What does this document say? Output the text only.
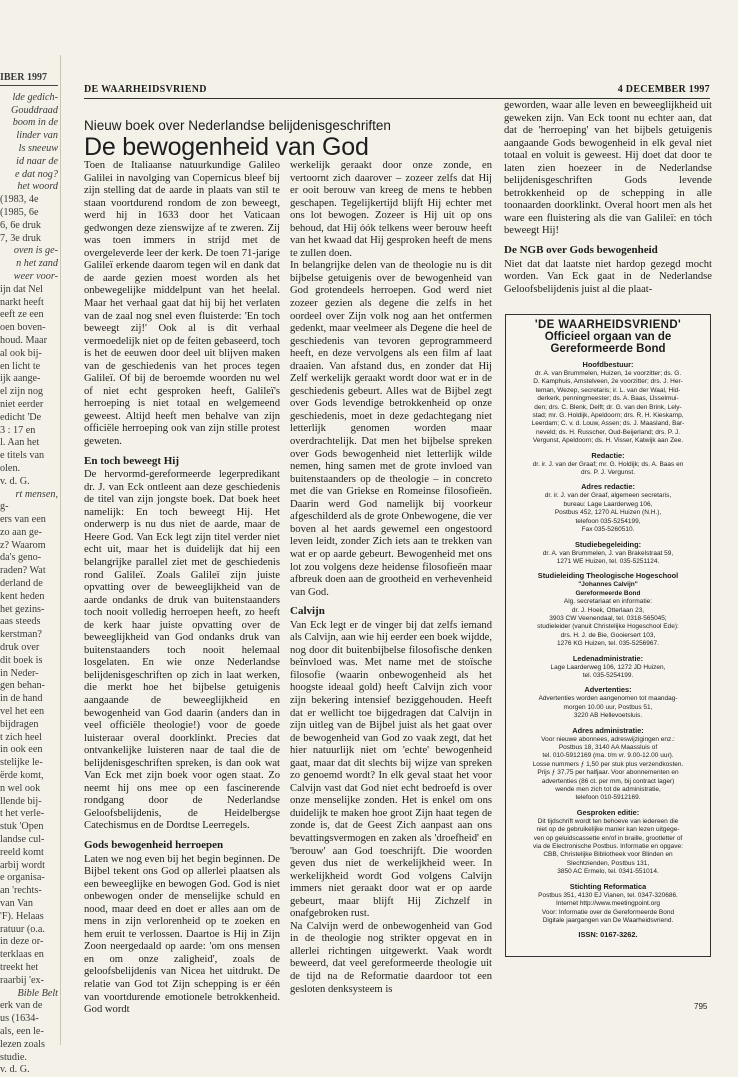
IBER 1997

lde gedich-

Gouddraad

boom in de

linder van

ls sneeuw

id naar de

e dat nog?

het woord

(1983, 4e

(1985, 6e

6, 6e druk

7, 3e druk

oven is ge-

n het zand

weer voor-

ijn dat Nel

narkt heeft

eeft ze een

oen boven-

houd. Maar

al ook bij-

en licht te

ijk aange-

el zijn nog

niet eerder

edicht 'De

3 : 17 en

l. Aan het

e titels van

olen.

v. d. G.

rt mensen,

g-

ers van een

zo aan ge-

z? Waarom

da's geno-

raden? Wat

derland de

kent heden

het gezins-

aas steeds

kerstman?

druk over

dit boek is

in Neder-

gen behan-

in de hand

vel het een

bijdragen

t zich heel

in ook een

stelijke le-

ërde komt,

n wel ook

llende bij-

t het verle-

stuk 'Open

landse cul-

reeld komt

arbij wordt

e organisa-

an 'rechts-

van Van

'F). Helaas

ratuur (o.a.

in deze or-

terklaas en

treekt het

raarbij 'ex-

Bible Belt

erk van de

us (1634-

als, een le-

lezen zoals

studie.

v. d. G.

DE WAARHEIDSVRIEND	4 DECEMBER 1997
Nieuw boek over Nederlandse belijdenisgeschriften
De bewogenheid van God

Toen de Italiaanse natuurkundige Galileo Galilei in navolging van Copernicus bleef bij zijn stelling dat de aarde in plaats van stil te staan voortdurend rondom de zon beweegt, werd hij in 1633 door het Vaticaan gedwongen deze zienswijze af te zweren. Zij was toen immers in strijd met de overgeleverde leer der kerk. De toen 71-jarige Galileï erkende daarom tegen wil en dank dat de aarde gezien moest worden als het onbewegelijke middelpunt van het heelal. Maar het verhaal gaat dat hij bij het verlaten van de zaal nog snel even fluisterde: 'En toch beweegt zij!' Ook al is dit verhaal vermoedelijk niet op de feiten gebaseerd, toch is het de eeuwen door deel uit blijven maken van de geschiedenis van het proces tegen Galileï. Of bij de beroemde woorden nu wel of niet echt gesproken heeft, Galileï's herroeping is niet totaal en welgemeend geweest. Altijd heeft men behalve van zijn officiële herroeping ook van zijn stille protest geweten.

En toch beweegt Hij

De hervormd-gereformeerde legerpredikant dr. J. van Eck ontleent aan deze geschiedenis de titel van zijn jongste boek. Dat boek heet namelijk: En toch beweegt Hij. Het onderwerp is nu dus niet de aarde, maar de Heere God. Van Eck legt zijn titel verder niet echt uit, maar het is duidelijk dat hij een belangrijke parallel ziet met de geschiedenis rond Galileï. Zoals Galileï zijn juiste opvatting over de beweeglijkheid van de aarde ondanks de druk van buitenstaanders toch nooit volledig herroepen heeft, zo heeft de kerk haar juiste opvatting over de beweeglijkheid van God ondanks druk van buitenstaanders toch nooit helemaal losgelaten. En wie onze Nederlandse belijdenisgeschriften op zich in laat werken, die merkt hoe het bijbelse getuigenis aangaande de beweeglijkheid en bewogenheid van God daarin (anders dan in veel officiële theologie!) voor de goede luisteraar overal doorklinkt. Precies dat ontvankelijke luisteren naar de taal die de belijdenisgeschriften spreken, is dan ook wat Van Eck met zijn boek voor ogen staat. Zo neemt hij ons mee op een fascinerende rondgang door de Nederlandse Geloofsbelijdenis, de Heidelbergse Catechismus en de Dordtse Leerregels.

Gods bewogenheid herroepen

Laten we nog even bij het begin beginnen. De Bijbel tekent ons God op allerlei plaatsen als een beweeglijke en bewogen God. God is niet onbewogen onder de menselijke schuld en nood, maar deed en doet er alles aan om de mens in zijn verlorenheid op te zoeken en hem eruit te verlossen. Daartoe is Hij in Zijn Zoon neergedaald op aarde: 'om ons mensen en om onze zaligheid', zoals de geloofsbelijdenis van Nicea het uitdrukt. De relatie van God tot Zijn schepping is er één van voortdurende emotionele betrokkenheid. God wordt

werkelijk geraakt door onze zonde, en vertoornt zich daarover – zozeer zelfs dat Hij er ooit berouw van kreeg de mens te hebben geschapen. Tegelijkertijd blijft Hij echter met ons lot bewogen. Zozeer is Hij uit op ons behoud, dat Hij óók telkens weer berouw heeft van het kwaad dat Hij gesproken heeft de mens te zullen doen.

In belangrijke delen van de theologie nu is dit bijbelse getuigenis over de bewogenheid van God grotendeels herroepen. God werd niet zozeer gezien als degene die zelfs in het oordeel over Zijn volk nog aan het ontfermen gedenkt, maar veelmeer als Degene die heel de geschiedenis van tevoren geprogrammeerd heeft, en deze vervolgens als een film af laat draaien. Van afstand dus, en zonder dat Hij Zelf werkelijk geraakt wordt door wat er in de geschiedenis gebeurt. Alles wat de Bijbel zegt over Gods levendige betrokkenheid op onze geschiedenis, moet in deze gedachtegang niet letterlijk genomen worden maar overdrachtelijk. Dat men het bijbelse spreken over Gods bewogenheid niet letterlijk wilde nemen, hing samen met de grote invloed van buitenstaanders op de theologie – in concreto met die van Griekse en Romeinse filosofieën. Daarin werd God namelijk bij voorkeur afgeschilderd als de grote Onbewogene, die ver boven al het aards gewemel een ongestoord leven leidt, zonder Zich iets aan te trekken van wat er op aarde gebeurt. Bewogenheid met ons lot zou volgens deze heidense filosofieën maar afbreuk doen aan de grootheid en verhevenheid van God.

Calvijn

Van Eck legt er de vinger bij dat zelfs iemand als Calvijn, aan wie hij eerder een boek wijdde, nog door dit buitenbijbelse filosofische denken beïnvloed was. Met name met de stoïsche filosofie (waarin onbewogenheid als het hoogste ideaal gold) heeft Calvijn zich voor zijn bekering intensief beziggehouden. Heeft dat er wellicht toe bijgedragen dat Calvijn in zijn uitleg van de Bijbel juist als het gaat over de bewogenheid van God zo vaak zegt, dat het hier natuurlijk niet om 'echte' bewogenheid gaat, maar dat dit slechts bij wijze van spreken zo genoemd wordt? In elk geval staat het voor Calvijn vast dat God niet echt bedroefd is over onze menselijke zonden. Het is enkel om ons duidelijk te maken hoe groot Zijn haat tegen de zonde is, dat de Geest Zich aanpast aan ons bevattingsvermogen en zaken als 'droefheid' en 'berouw' aan God toeschrijft. Die woorden geven dus niet de werkelijkheid weer. In werkelijkheid wordt God volgens Calvijn immers niet geraakt door wat er op aarde gebeurt, maar blijft Hij Zichzelf in onafgebroken rust.

Na Calvijn werd de onbewogenheid van God in de theologie nog strikter opgevat en in allerlei richtingen uitgewerkt. Vaak wordt beweerd, dat veel gereformeerde theologie uit de tijd na de Reformatie daardoor tot een gesloten denksysteem is

geworden, waar alle leven en beweeglijkheid uit geweken zijn. Van Eck toont nu echter aan, dat dat de 'herroeping' van het bijbels getuigenis aangaande Gods bewogenheid in elk geval niet totaal en voluit is geweest. Hij doet dat door te laten zien hoezeer in de Nederlandse belijdenisgeschriften Gods levende betrokkenheid op de schepping in alle toonaarden doorklinkt. Overal hoort men als het ware een fluistering als die van Galileï: en tóch beweegt Hij!

De NGB over Gods bewogenheid

Niet dat dat laatste niet hardop gezegd mocht worden. Van Eck gaat in de Nederlandse Geloofsbelijdenis juist al die plaat-

'DE WAARHEIDSVRIEND'
Officieel orgaan van de
Gereformeerde Bond
Hoofdbestuur:
dr. A. van Brummelen, Huizen, 1e voorzitter; ds. G.
D. Kamphuis, Amstelveen, 2e voorzitter; drs. J. Her-
teman, Wezep, secretaris; ir. L. van der Waal, Hid-
derkerk, penningmeester; ds. A. Baas, IJsselmui-
den; drs. C. Blenk, Delft; dr. G. van den Brink, Lely-
stad; mr. G. Holdijk, Apeldoorn; drs. R. H. Kieskamp,
Leerdam; C. v. d. Louw, Assen; ds. J. Maasland, Bar-
neveld; ds. H. Russcher, Oud-Beijerland; drs. P. J.
Vergunst, Apeldoorn; ds. H. Visser, Katwijk aan Zee.
Redactie:
dr. ir. J. van der Graaf; mr. G. Holdijk; ds. A. Baas en
drs. P. J. Vergunst.
Adres redactie:
dr. ir. J. van der Graaf, algemeen secretaris,
bureau: Lage Laarderweg 106,
Postbus 452, 1270 AL Huizen (N.H.),
telefoon 035-5254199,
Fax 035-5260510.
Studiebegeleiding:
dr. A. van Brummelen, J. van Brakelstraat 59,
1271 WE Huizen, tel. 035-5251124.
Studieleiding Theologische Hogeschool
"Johannes Calvijn"
Gereformeerde Bond
Alg. secretariaat en informatie:
dr. J. Hoek, Otterlaan 23,
3903 CW Veenendaal, tel. 0318-565045;
studieleider (vanuit Christelijke Hogeschool Ede):
drs. H. J. de Bie, Gooiersert 103,
1276 KG Huizen, tel. 035-5256967.
Ledenadministratie:
Lage Laarderweg 106, 1272 JD Huizen,
tel. 035-5254199.
Advertenties:
Advertenties worden aangenomen tot maandag-
morgen 10.00 uur, Postbus 51,
3220 AB Hellevoetsluis.
Adres administratie:
Voor nieuwe abonnees, adreswijzigingen enz.:
Postbus 18, 3140 AA Maassluis of
tel. 010-5912169 (ma. t/m vr. 9.00-12.00 uur).
Losse nummers ƒ 1,50 per stuk plus verzendkosten.
Prijs ƒ 37,75 per halfjaar. Voor abonnementen en
advertenties (86 ct. per mm, bij contract lager)
wende men zich tot de administratie,
telefoon 010-5912169.
Gesproken editie:
Dit tijdschrift wordt ten behoeve van iedereen die
niet op de gebruikelijke manier kan lezen uitgege-
ven op geluidscassette en/of in braille, grootletter of
via de Electronische Postbus. Informatie en opgave:
CBB, Christelijke Bibliotheek voor Blinden en
Slechtzienden, Postbus 131,
3850 AC Ermelo, tel. 0341-551014.
Stichting Reformatica
Postbus 351, 4130 EJ Vianen, tel. 0347-320686.
Internet http://www.meetingpoint.org
Voor: Informatie over de Gereformeerde Bond
Digitale jaargangen van De Waarheidsvriend.
ISSN: 0167-3262.
795
